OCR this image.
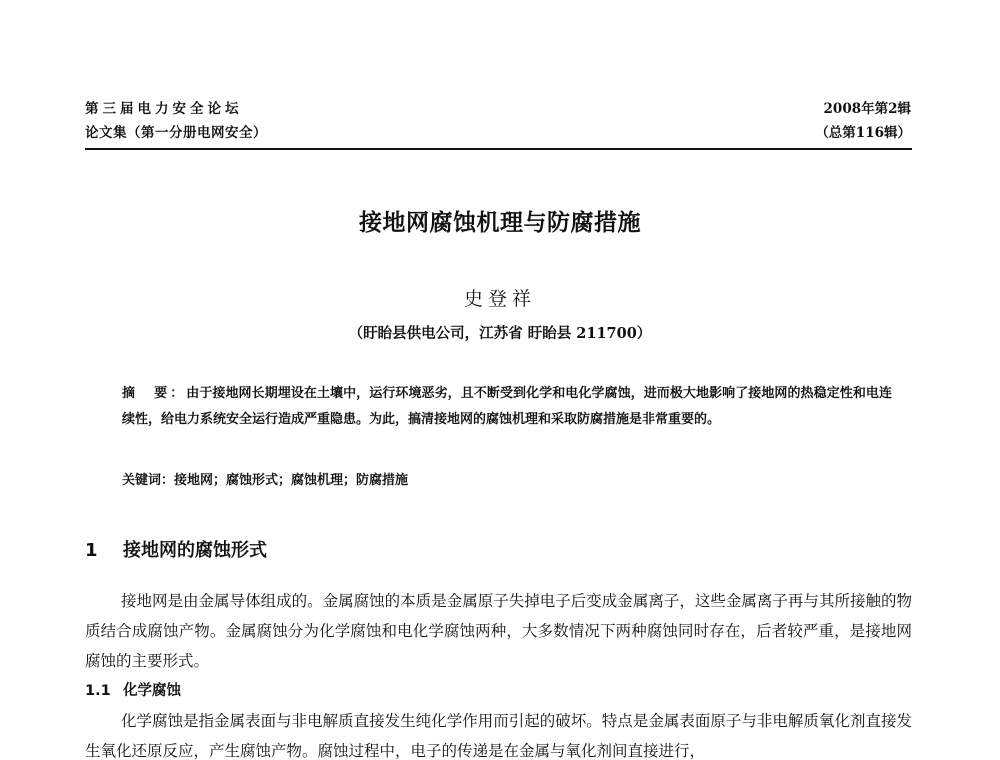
第三届电力安全论坛
论文集（第一分册电网安全）
2008年第2辑
（总第116辑）
接地网腐蚀机理与防腐措施
史登祥
（盱眙县供电公司，江苏省 盱眙县 211700）

摘　要：由于接地网长期埋设在土壤中，运行环境恶劣，且不断受到化学和电化学腐蚀，进而极大地影响了接地网的热稳定性和电连续性，给电力系统安全运行造成严重隐患。为此，搞清接地网的腐蚀机理和采取防腐措施是非常重要的。

关键词：接地网；腐蚀形式；腐蚀机理；防腐措施

1 接地网的腐蚀形式

接地网是由金属导体组成的。金属腐蚀的本质是金属原子失掉电子后变成金属离子，这些金属离子再与其所接触的物质结合成腐蚀产物。金属腐蚀分为化学腐蚀和电化学腐蚀两种，大多数情况下两种腐蚀同时存在，后者较严重，是接地网腐蚀的主要形式。

1.1 化学腐蚀

化学腐蚀是指金属表面与非电解质直接发生纯化学作用而引起的破坏。特点是金属表面原子与非电解质氧化剂直接发生氧化还原反应，产生腐蚀产物。腐蚀过程中，电子的传递是在金属与氧化剂间直接进行，
